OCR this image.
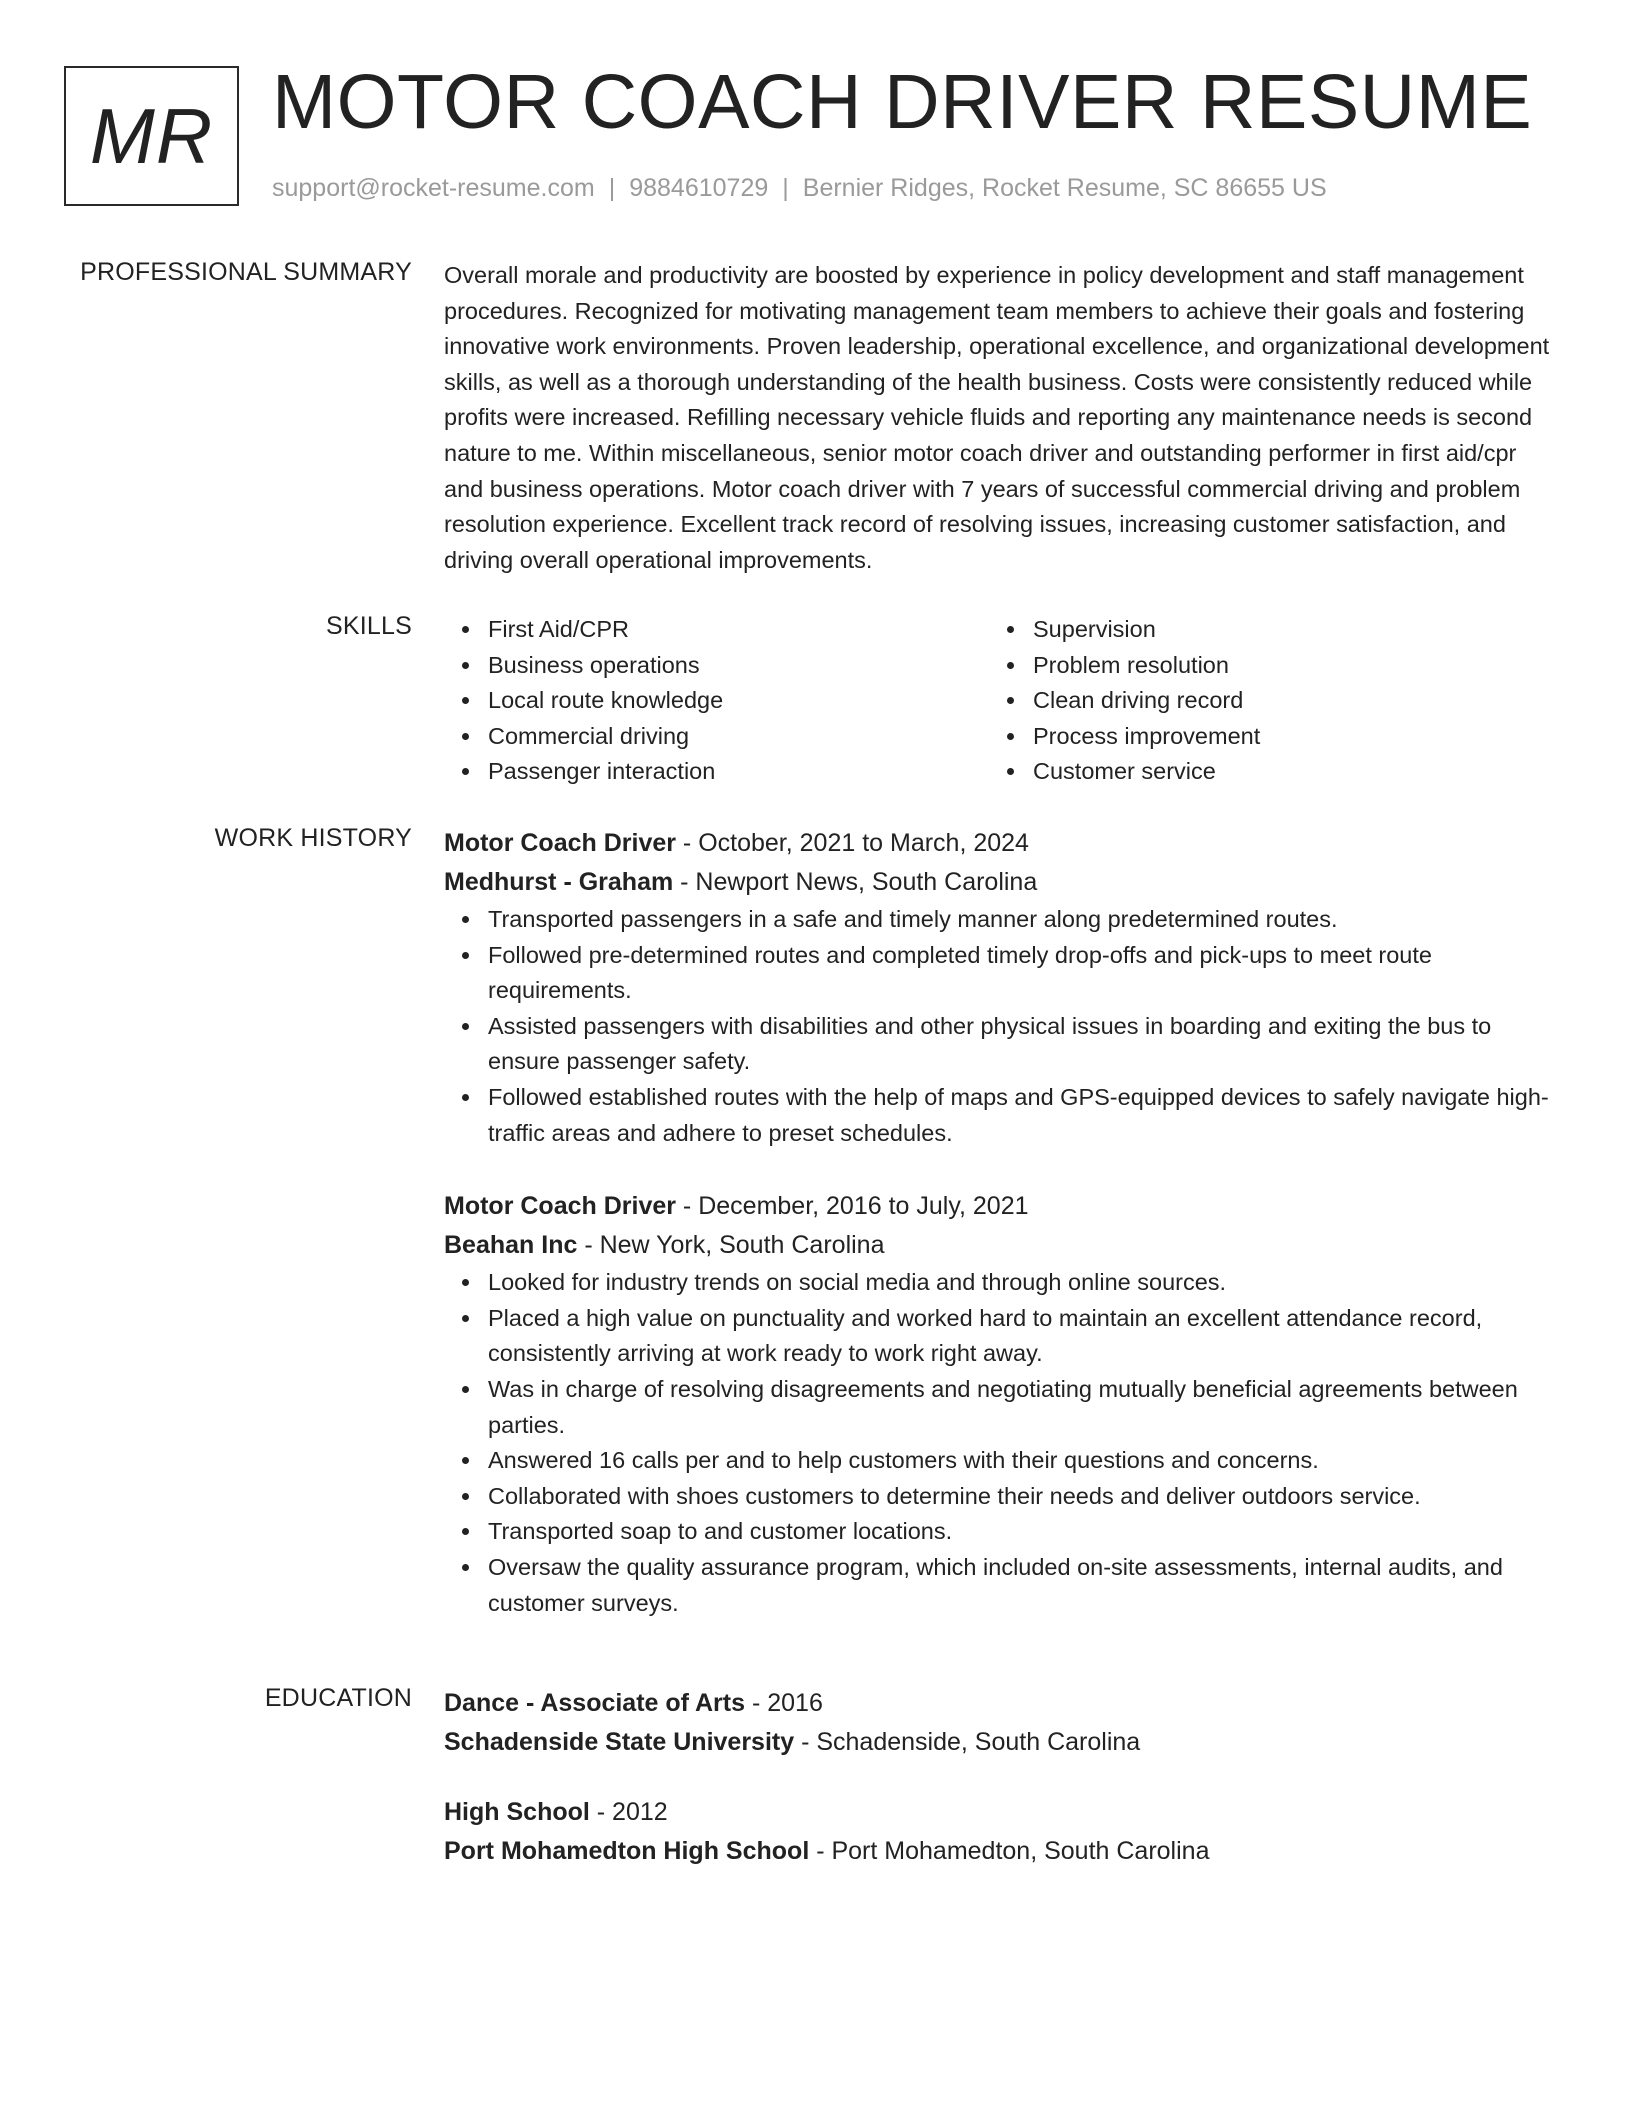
MR MOTOR COACH DRIVER RESUME
support@rocket-resume.com | 9884610729 | Bernier Ridges, Rocket Resume, SC 86655 US
PROFESSIONAL SUMMARY Overall morale and productivity are boosted by experience in policy development and staff management procedures. Recognized for motivating management team members to achieve their goals and fostering innovative work environments. Proven leadership, operational excellence, and organizational development skills, as well as a thorough understanding of the health business. Costs were consistently reduced while profits were increased. Refilling necessary vehicle fluids and reporting any maintenance needs is second nature to me. Within miscellaneous, senior motor coach driver and outstanding performer in first aid/cpr and business operations. Motor coach driver with 7 years of successful commercial driving and problem resolution experience. Excellent track record of resolving issues, increasing customer satisfaction, and driving overall operational improvements.

SKILLS	First Aid/CPR
Business operations
Local route knowledge
Commercial driving
Passenger interaction
Supervision
Problem resolution
Clean driving record
Process improvement
Customer service
WORK HISTORY Motor Coach Driver - October, 2021 to March, 2024
Medhurst - Graham - Newport News, South Carolina
Transported passengers in a safe and timely manner along predetermined routes.
Followed pre-determined routes and completed timely drop-offs and pick-ups to meet route requirements.
Assisted passengers with disabilities and other physical issues in boarding and exiting the bus to ensure passenger safety.
Followed established routes with the help of maps and GPS-equipped devices to safely navigate high-traffic areas and adhere to preset schedules.
Motor Coach Driver - December, 2016 to July, 2021
Beahan Inc - New York, South Carolina
Looked for industry trends on social media and through online sources.
Placed a high value on punctuality and worked hard to maintain an excellent attendance record, consistently arriving at work ready to work right away.
Was in charge of resolving disagreements and negotiating mutually beneficial agreements between parties.
Answered 16 calls per and to help customers with their questions and concerns.
Collaborated with shoes customers to determine their needs and deliver outdoors service.
Transported soap to and customer locations.
Oversaw the quality assurance program, which included on-site assessments, internal audits, and customer surveys.
EDUCATION Dance - Associate of Arts - 2016
Schadenside State University - Schadenside, South Carolina
High School - 2012
Port Mohamedton High School - Port Mohamedton, South Carolina
